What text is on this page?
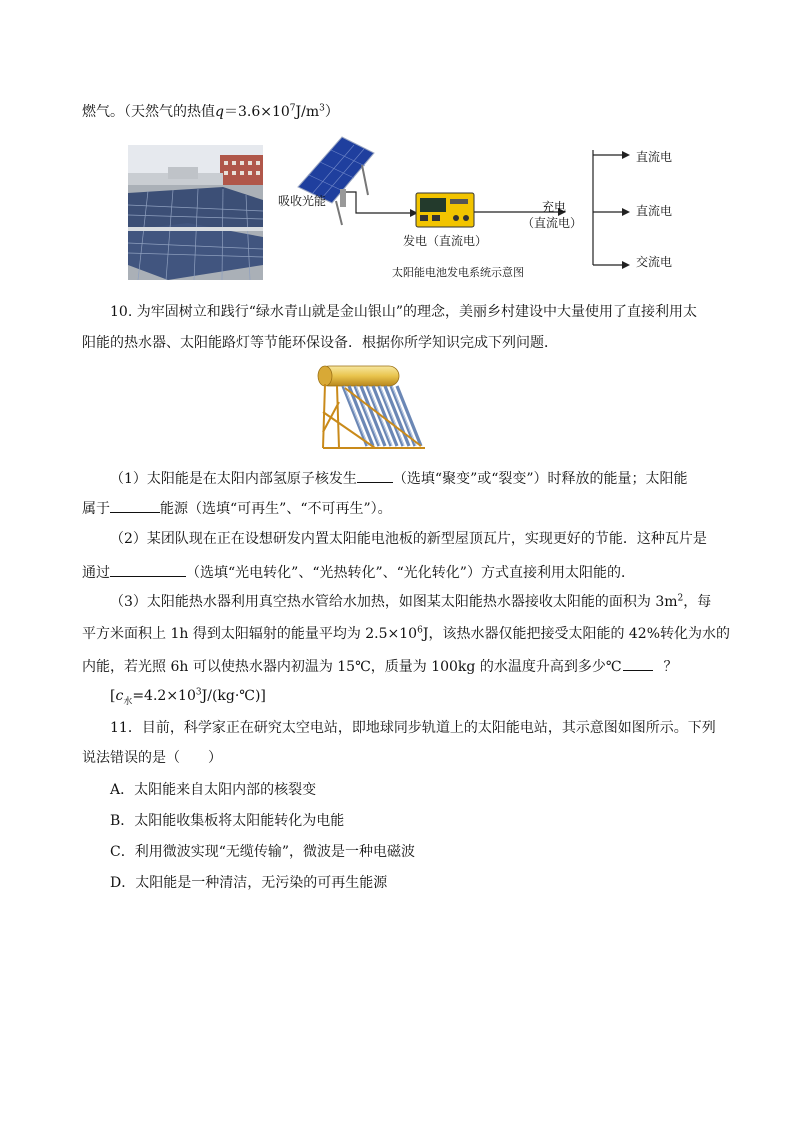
燃气。（天然气的热值$q=3.6\times 10^7J/m^3$）
吸收光能
发电（直流电）
充电
（直流电）
直流电
直流电
交流电
太阳能电池发电系统示意图
10. 为牢固树立和践行“绿水青山就是金山银山”的理念，美丽乡村建设中大量使用了直接利用太
阳能的热水器、太阳能路灯等节能环保设备．根据你所学知识完成下列问题．
（1）太阳能是在太阳内部氢原子核发生	（选填“聚变”或“裂变”）时释放的能量；太阳能
属于	能源（选填“可再生”、“不可再生”）。
（2）某团队现在正在设想研发内置太阳能电池板的新型屋顶瓦片，实现更好的节能．这种瓦片是
通过	（选填“光电转化”、“光热转化”、“光化转化”）方式直接利用太阳能的．
（3）太阳能热水器利用真空热水管给水加热，如图某太阳能热水器接收太阳能的面积为 $3m^2$，每
平方米面积上 1h 得到太阳辐射的能量平均为 $2.5\times 10^6J$，该热水器仅能把接受太阳能的 42%转化为水的
内能，若光照 6h 可以使热水器内初温为 15℃，质量为 100kg 的水温度升高到多少℃	？
$[c_水=4.2\times 10^3J/(kg\cdot℃)]$
11．目前，科学家正在研究太空电站，即地球同步轨道上的太阳能电站，其示意图如图所示。下列
说法错误的是（　　）
A．太阳能来自太阳内部的核裂变
B．太阳能收集板将太阳能转化为电能
C．利用微波实现“无缆传输”，微波是一种电磁波
D．太阳能是一种清洁，无污染的可再生能源
